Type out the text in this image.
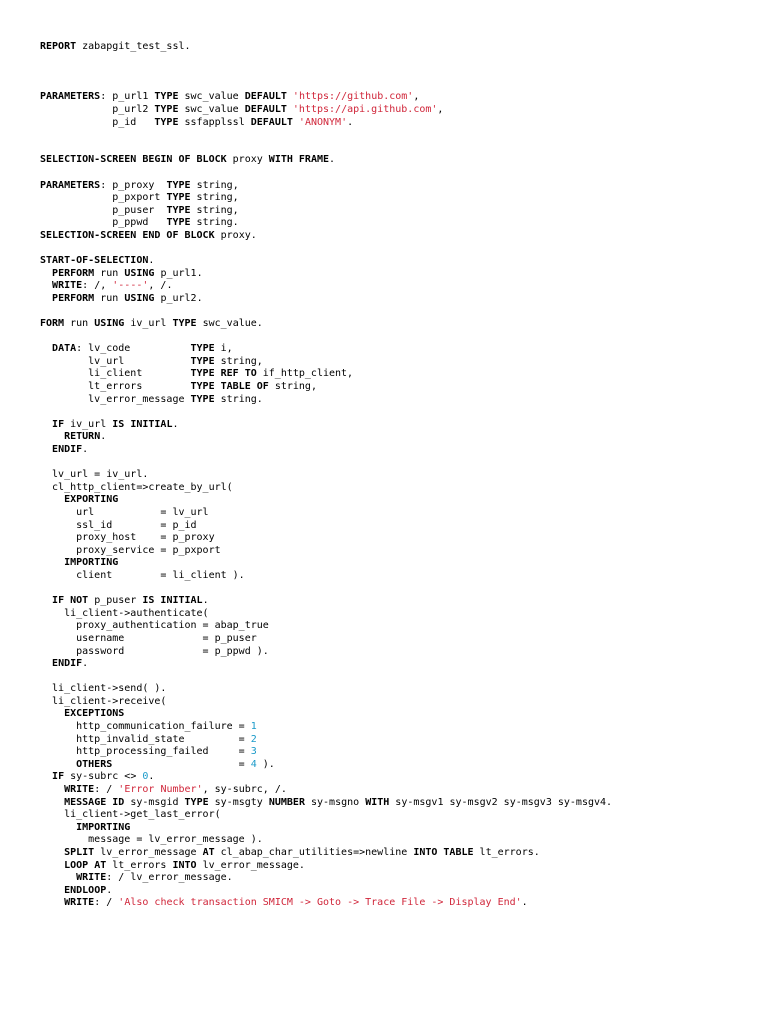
REPORT zabapgit_test_ssl.
PARAMETERS: p_url1 TYPE swc_value DEFAULT 'https://github.com',
p_url2 TYPE swc_value DEFAULT 'https://api.github.com',
p_id   TYPE ssfapplssl DEFAULT 'ANONYM'.
SELECTION-SCREEN BEGIN OF BLOCK proxy WITH FRAME.
PARAMETERS: p_proxy  TYPE string,
p_pxport TYPE string,
p_puser  TYPE string,
p_ppwd   TYPE string.
SELECTION-SCREEN END OF BLOCK proxy.
START-OF-SELECTION.
PERFORM run USING p_url1.
WRITE: /, '----', /.
PERFORM run USING p_url2.
FORM run USING iv_url TYPE swc_value.
DATA: lv_code          TYPE i,
lv_url           TYPE string,
li_client        TYPE REF TO if_http_client,
lt_errors        TYPE TABLE OF string,
lv_error_message TYPE string.
IF iv_url IS INITIAL.
RETURN.
ENDIF.
lv_url = iv_url.
cl_http_client=>create_by_url(
EXPORTING
url           = lv_url
ssl_id        = p_id
proxy_host    = p_proxy
proxy_service = p_pxport
IMPORTING
client        = li_client ).
IF NOT p_puser IS INITIAL.
li_client->authenticate(
proxy_authentication = abap_true
username             = p_puser
password             = p_ppwd ).
ENDIF.
li_client->send( ).
li_client->receive(
EXCEPTIONS
http_communication_failure = 1
http_invalid_state         = 2
http_processing_failed     = 3
OTHERS                     = 4 ).
IF sy-subrc <> 0.
WRITE: / 'Error Number', sy-subrc, /.
MESSAGE ID sy-msgid TYPE sy-msgty NUMBER sy-msgno WITH sy-msgv1 sy-msgv2 sy-msgv3 sy-msgv4.
li_client->get_last_error(
IMPORTING
message = lv_error_message ).
SPLIT lv_error_message AT cl_abap_char_utilities=>newline INTO TABLE lt_errors.
LOOP AT lt_errors INTO lv_error_message.
WRITE: / lv_error_message.
ENDLOOP.
WRITE: / 'Also check transaction SMICM -> Goto -> Trace File -> Display End'.
